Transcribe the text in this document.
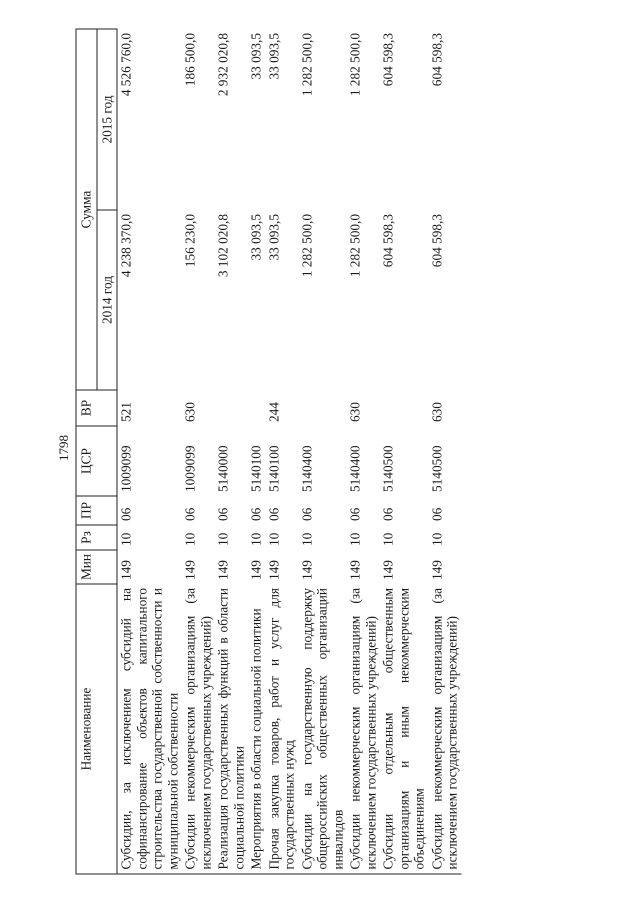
1798
Наименование	Мин	Рз	ПР	ЦСР	ВР	Сумма	
						2014 год	2015 год
Субсидии, за исключением субсидий на софинансирование объектов капитального строительства государственной собственности и муниципальной собственности	149	10	06	1009099	521	4 238 370,0	4 526 760,0
Субсидии некоммерческим организациям (за исключением государственных учреждений)	149	10	06	1009099	630	156 230,0	186 500,0
Реализация государственных функций в области социальной политики	149	10	06	5140000		3 102 020,8	2 932 020,8
Мероприятия в области социальной политики	149	10	06	5140100		33 093,5	33 093,5
Прочая закупка товаров, работ и услуг для государственных нужд	149	10	06	5140100	244	33 093,5	33 093,5
Субсидии на государственную поддержку общероссийских общественных организаций инвалидов	149	10	06	5140400		1 282 500,0	1 282 500,0
Субсидии некоммерческим организациям (за исключением государственных учреждений)	149	10	06	5140400	630	1 282 500,0	1 282 500,0
Субсидии отдельным общественным организациям и иным некоммерческим объединениям	149	10	06	5140500		604 598,3	604 598,3
Субсидии некоммерческим организациям (за исключением государственных учреждений)	149	10	06	5140500	630	604 598,3	604 598,3
